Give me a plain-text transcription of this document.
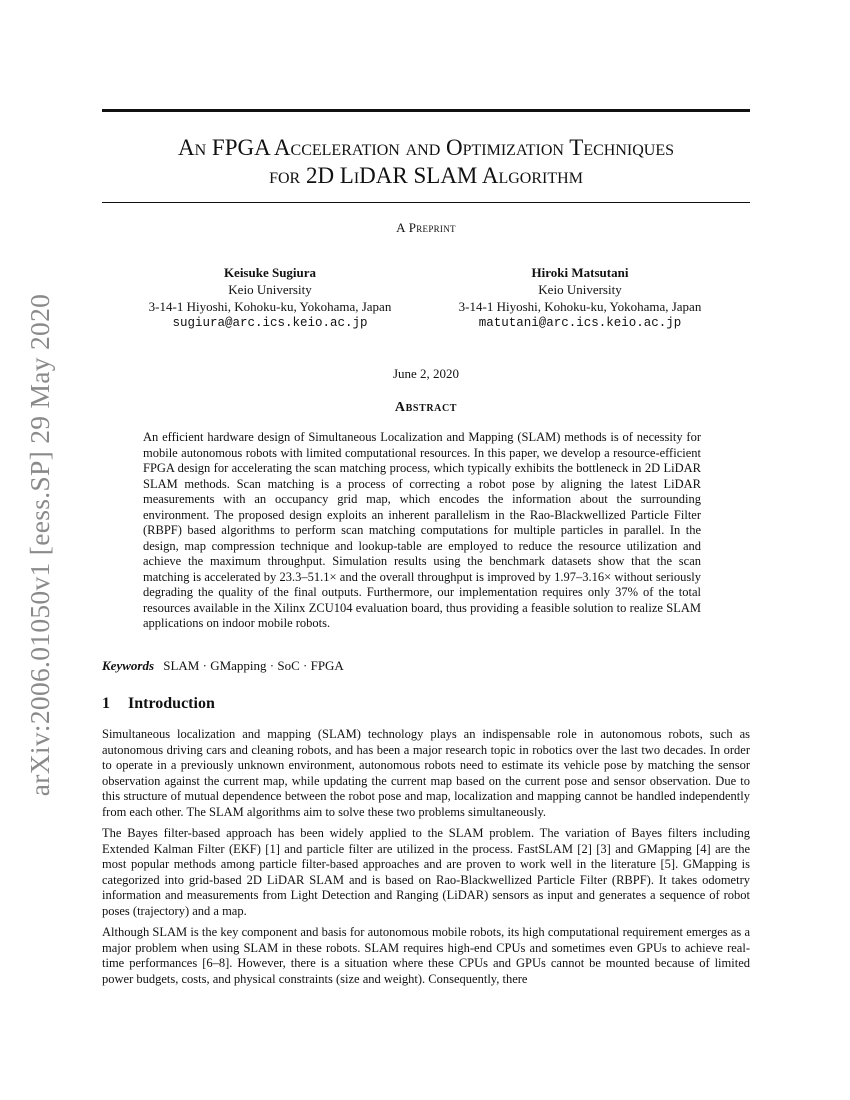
arXiv:2006.01050v1 [eess.SP] 29 May 2020
An FPGA Acceleration and Optimization Techniques
for 2D LiDAR SLAM Algorithm
A Preprint
Keisuke Sugiura
Keio University
3-14-1 Hiyoshi, Kohoku-ku, Yokohama, Japan
sugiura@arc.ics.keio.ac.jp
Hiroki Matsutani
Keio University
3-14-1 Hiyoshi, Kohoku-ku, Yokohama, Japan
matutani@arc.ics.keio.ac.jp
June 2, 2020
Abstract

An efficient hardware design of Simultaneous Localization and Mapping (SLAM) methods is of necessity for mobile autonomous robots with limited computational resources. In this paper, we develop a resource-efficient FPGA design for accelerating the scan matching process, which typically exhibits the bottleneck in 2D LiDAR SLAM methods. Scan matching is a process of correcting a robot pose by aligning the latest LiDAR measurements with an occupancy grid map, which encodes the information about the surrounding environment. The proposed design exploits an inherent parallelism in the Rao-Blackwellized Particle Filter (RBPF) based algorithms to perform scan matching computations for multiple particles in parallel. In the design, map compression technique and lookup-table are employed to reduce the resource utilization and achieve the maximum throughput. Simulation results using the benchmark datasets show that the scan matching is accelerated by 23.3–51.1× and the overall throughput is improved by 1.97–3.16× without seriously degrading the quality of the final outputs. Furthermore, our implementation requires only 37% of the total resources available in the Xilinx ZCU104 evaluation board, thus providing a feasible solution to realize SLAM applications on indoor mobile robots.

Keywords SLAM · GMapping · SoC · FPGA
1 Introduction

Simultaneous localization and mapping (SLAM) technology plays an indispensable role in autonomous robots, such as autonomous driving cars and cleaning robots, and has been a major research topic in robotics over the last two decades. In order to operate in a previously unknown environment, autonomous robots need to estimate its vehicle pose by matching the sensor observation against the current map, while updating the current map based on the current pose and sensor observation. Due to this structure of mutual dependence between the robot pose and map, localization and mapping cannot be handled independently from each other. The SLAM algorithms aim to solve these two problems simultaneously.

The Bayes filter-based approach has been widely applied to the SLAM problem. The variation of Bayes filters including Extended Kalman Filter (EKF) [1] and particle filter are utilized in the process. FastSLAM [2] [3] and GMapping [4] are the most popular methods among particle filter-based approaches and are proven to work well in the literature [5]. GMapping is categorized into grid-based 2D LiDAR SLAM and is based on Rao-Blackwellized Particle Filter (RBPF). It takes odometry information and measurements from Light Detection and Ranging (LiDAR) sensors as input and generates a sequence of robot poses (trajectory) and a map.

Although SLAM is the key component and basis for autonomous mobile robots, its high computational requirement emerges as a major problem when using SLAM in these robots. SLAM requires high-end CPUs and sometimes even GPUs to achieve real-time performances [6–8]. However, there is a situation where these CPUs and GPUs cannot be mounted because of limited power budgets, costs, and physical constraints (size and weight). Consequently, there
